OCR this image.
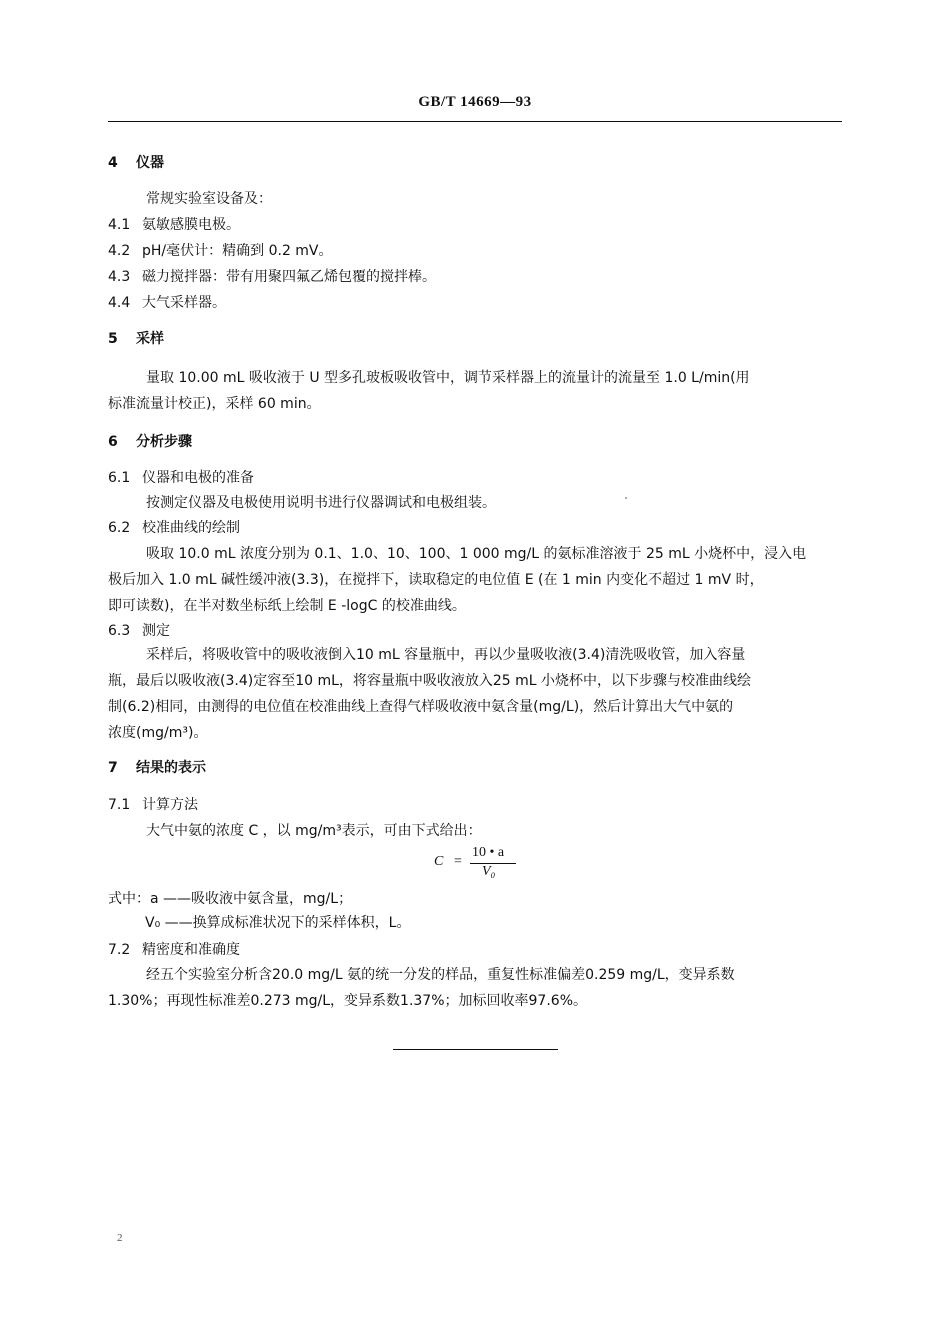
GB/T 14669—93
4 仪器
常规实验室设备及：
4.1 氨敏感膜电极。
4.2 pH/毫伏计：精确到 0.2 mV。
4.3 磁力搅拌器：带有用聚四氟乙烯包覆的搅拌棒。
4.4 大气采样器。
5 采样
量取 10.00 mL 吸收液于 U 型多孔玻板吸收管中，调节采样器上的流量计的流量至 1.0 L/min(用
标准流量计校正)，采样 60 min。
6 分析步骤
6.1 仪器和电极的准备
按测定仪器及电极使用说明书进行仪器调试和电极组装。
6.2 校准曲线的绘制
吸取 10.0 mL 浓度分别为 0.1、1.0、10、100、1 000 mg/L 的氨标准溶液于 25 mL 小烧杯中，浸入电
极后加入 1.0 mL 碱性缓冲液(3.3)，在搅拌下，读取稳定的电位值 E (在 1 min 内变化不超过 1 mV 时，
即可读数)，在半对数坐标纸上绘制 E -logC 的校准曲线。
6.3 测定
采样后，将吸收管中的吸收液倒入10 mL 容量瓶中，再以少量吸收液(3.4)清洗吸收管，加入容量
瓶，最后以吸收液(3.4)定容至10 mL，将容量瓶中吸收液放入25 mL 小烧杯中，以下步骤与校准曲线绘
制(6.2)相同，由测得的电位值在校准曲线上查得气样吸收液中氨含量(mg/L)，然后计算出大气中氨的
浓度(mg/m³)。
7 结果的表示
7.1 计算方法
大气中氨的浓度 C ，以 mg/m³表示，可由下式给出：
C =
10 • a
V₀
式中：a ——吸收液中氨含量，mg/L；
V₀ ——换算成标准状况下的采样体积，L。
7.2 精密度和准确度
经五个实验室分析含20.0 mg/L 氨的统一分发的样品，重复性标准偏差0.259 mg/L，变异系数
1.30%；再现性标准差0.273 mg/L，变异系数1.37%；加标回收率97.6%。
2
